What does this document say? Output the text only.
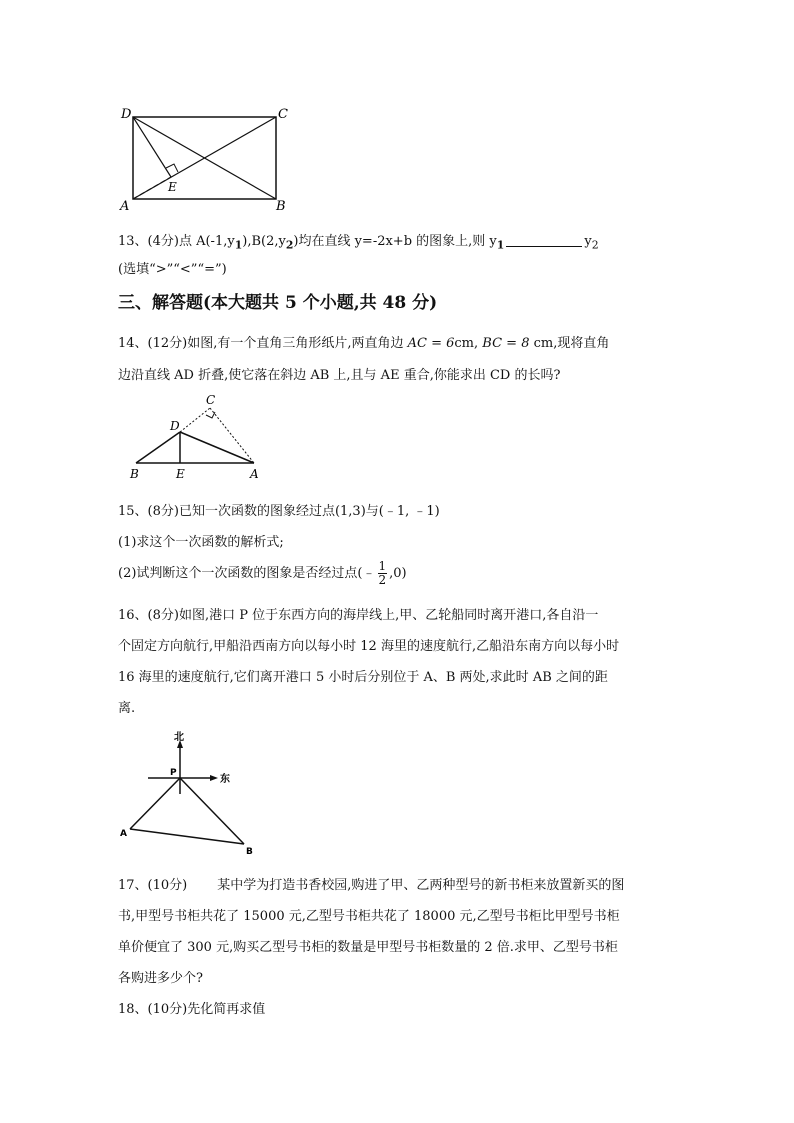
D	C
A	B
E
13、(4分)点 $A(-1,y_1),B(2,y_2)$均在直线 y=-2x+b 的图象上,则 $y_1$	$y_2$
(选填“>”“<”“=”)
三、解答题(本大题共 5 个小题,共 48 分)
14、(12分)如图,有一个直角三角形纸片,两直角边 AC = 6cm, BC = 8 cm,现将直角
边沿直线 AD 折叠,使它落在斜边 AB 上,且与 AE 重合,你能求出 CD 的长吗?
C
D
B	E	A
15、(8分)已知一次函数的图象经过点(1,3)与(﹣1, ﹣1)
(1)求这个一次函数的解析式;
(2)试判断这个一次函数的图象是否经过点(﹣ $\frac{1}{2} ,0$)
16、(8分)如图,港口 P 位于东西方向的海岸线上,甲、乙轮船同时离开港口,各自沿一
个固定方向航行,甲船沿西南方向以每小时 12 海里的速度航行,乙船沿东南方向以每小时
16 海里的速度航行,它们离开港口 5 小时后分别位于 A、B 两处,求此时 AB 之间的距
离.
北
东
P
A
B
17、(10分) 某中学为打造书香校园,购进了甲、乙两种型号的新书柜来放置新买的图
书,甲型号书柜共花了 15000 元,乙型号书柜共花了 18000 元,乙型号书柜比甲型号书柜
单价便宜了 300 元,购买乙型号书柜的数量是甲型号书柜数量的 2 倍.求甲、乙型号书柜
各购进多少个?
18、(10分)先化简再求值
